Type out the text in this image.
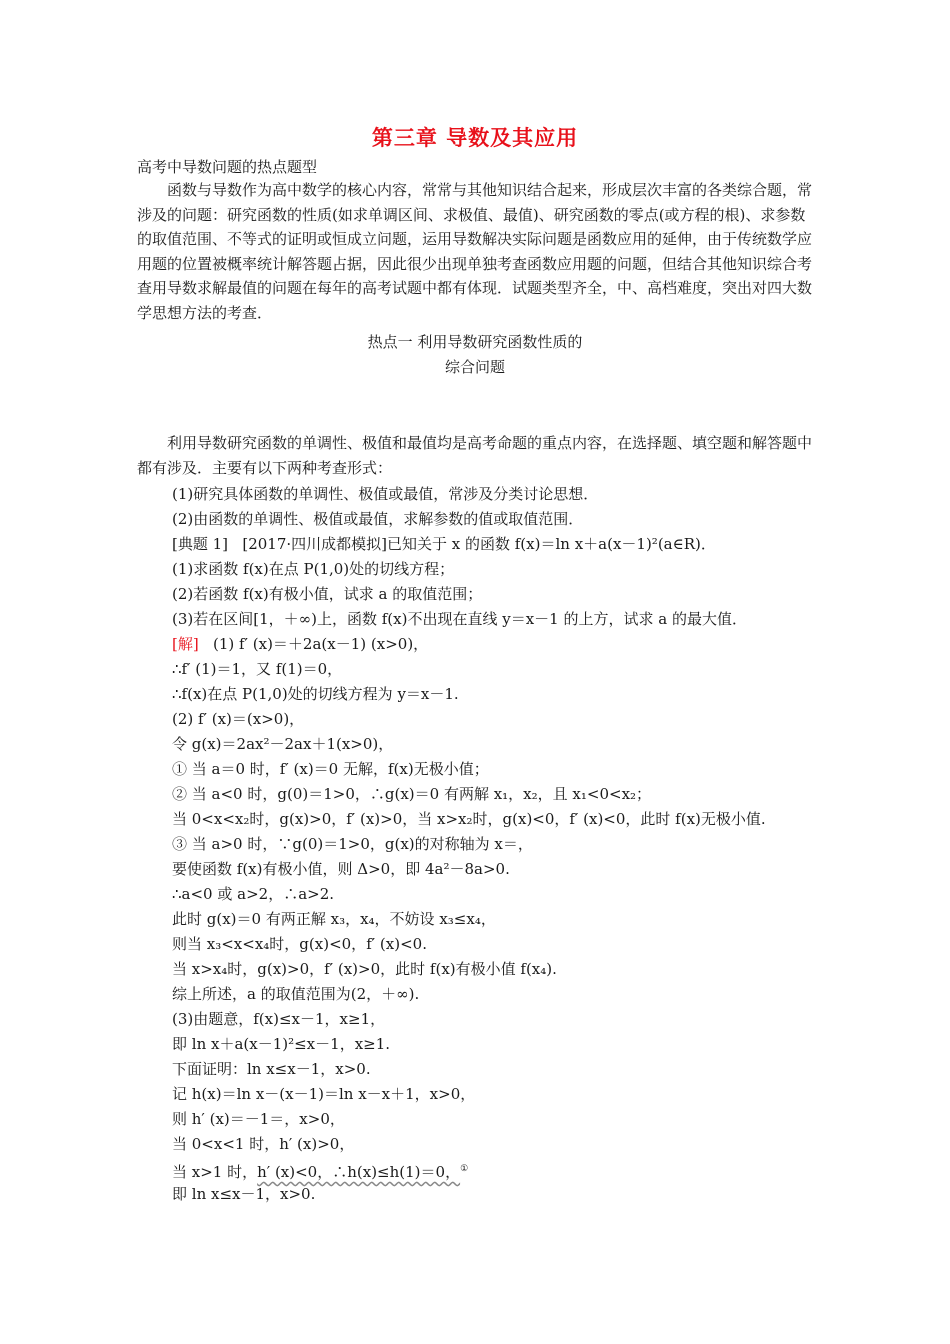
第三章 导数及其应用
高考中导数问题的热点题型
函数与导数作为高中数学的核心内容，常常与其他知识结合起来，形成层次丰富的各类综合题，常涉及的问题：研究函数的性质(如求单调区间、求极值、最值)、研究函数的零点(或方程的根)、求参数的取值范围、不等式的证明或恒成立问题，运用导数解决实际问题是函数应用的延伸，由于传统数学应用题的位置被概率统计解答题占据，因此很少出现单独考查函数应用题的问题，但结合其他知识综合考查用导数求解最值的问题在每年的高考试题中都有体现．试题类型齐全，中、高档难度，突出对四大数学思想方法的考查．
热点一 利用导数研究函数性质的
综合问题
利用导数研究函数的单调性、极值和最值均是高考命题的重点内容，在选择题、填空题和解答题中都有涉及．主要有以下两种考查形式：
(1)研究具体函数的单调性、极值或最值，常涉及分类讨论思想．
(2)由函数的单调性、极值或最值，求解参数的值或取值范围．
[典题 1] [2017·四川成都模拟]已知关于 x 的函数 f(x)＝ln x＋a(x－1)²(a∈R)．
(1)求函数 f(x)在点 P(1,0)处的切线方程；
(2)若函数 f(x)有极小值，试求 a 的取值范围；
(3)若在区间[1，＋∞)上，函数 f(x)不出现在直线 y＝x－1 的上方，试求 a 的最大值．
[解] (1) f′ (x)＝＋2a(x－1) (x>0)，
∴f′ (1)＝1，又 f(1)＝0，
∴f(x)在点 P(1,0)处的切线方程为 y＝x－1.
(2) f′ (x)＝(x>0)，
令 g(x)＝2ax²－2ax＋1(x>0)，
① 当 a＝0 时，f′ (x)＝0 无解，f(x)无极小值；
② 当 a<0 时，g(0)＝1>0，∴g(x)＝0 有两解 x₁，x₂，且 x₁<0<x₂；
当 0<x<x₂时，g(x)>0，f′ (x)>0，当 x>x₂时，g(x)<0，f′ (x)<0，此时 f(x)无极小值.
③ 当 a>0 时，∵g(0)＝1>0，g(x)的对称轴为 x＝，
要使函数 f(x)有极小值，则 Δ>0，即 4a²－8a>0.
∴a<0 或 a>2，∴a>2.
此时 g(x)＝0 有两正解 x₃，x₄，不妨设 x₃≤x₄，
则当 x₃<x<x₄时，g(x)<0，f′ (x)<0.
当 x>x₄时，g(x)>0，f′ (x)>0，此时 f(x)有极小值 f(x₄).
综上所述，a 的取值范围为(2，＋∞).
(3)由题意，f(x)≤x－1，x≥1，
即 ln x＋a(x－1)²≤x－1，x≥1.
下面证明：ln x≤x－1，x>0.
记 h(x)＝ln x－(x－1)＝ln x－x＋1，x>0，
则 h′ (x)＝－1＝，x>0，
当 0<x<1 时，h′ (x)>0，
当 x>1 时，h′ (x)<0，∴h(x)≤h(1)＝0，①
即 ln x≤x－1，x>0.
